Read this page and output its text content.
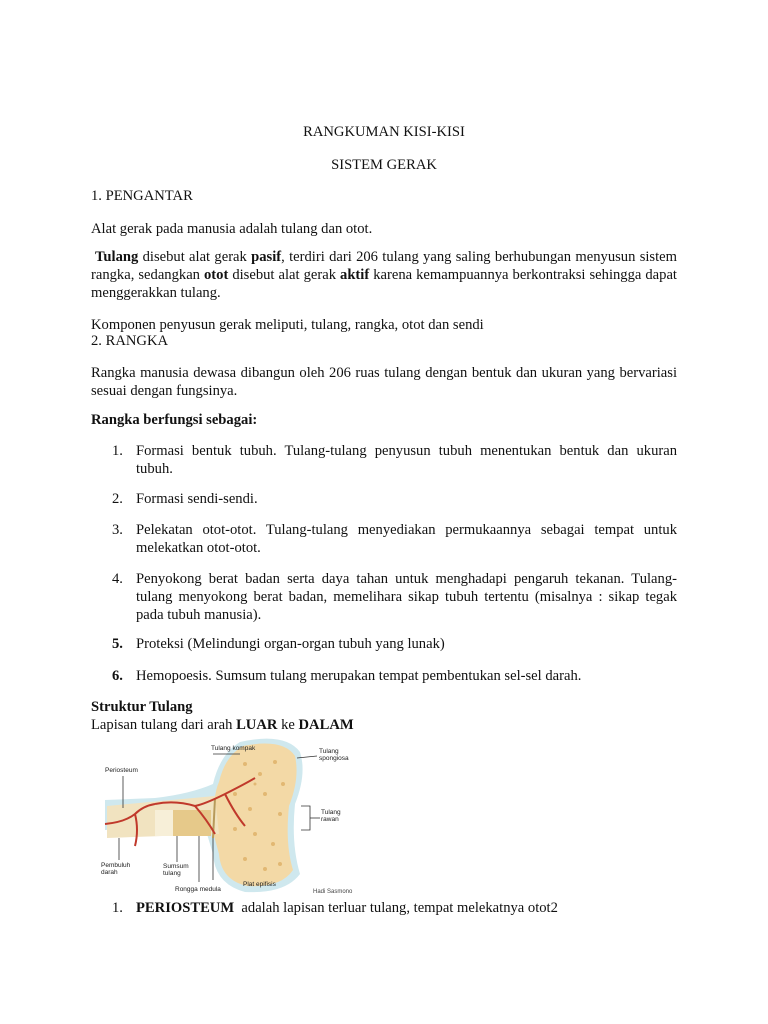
RANGKUMAN KISI-KISI
SISTEM GERAK
1. PENGANTAR
Alat gerak pada manusia adalah tulang dan otot.
Tulang disebut alat gerak pasif, terdiri dari 206 tulang yang saling berhubungan menyusun sistem rangka, sedangkan otot disebut alat gerak aktif karena kemampuannya berkontraksi sehingga dapat menggerakkan tulang.
Komponen penyusun gerak meliputi, tulang, rangka, otot dan sendi
2. RANGKA
Rangka manusia dewasa dibangun oleh 206 ruas tulang dengan bentuk dan ukuran yang bervariasi sesuai dengan fungsinya.
Rangka berfungsi sebagai:
1. Formasi bentuk tubuh. Tulang-tulang penyusun tubuh menentukan bentuk dan ukuran tubuh.
2. Formasi sendi-sendi.
3. Pelekatan otot-otot. Tulang-tulang menyediakan permukaannya sebagai tempat untuk melekatkan otot-otot.
4. Penyokong berat badan serta daya tahan untuk menghadapi pengaruh tekanan. Tulang-tulang menyokong berat badan, memelihara sikap tubuh tertentu (misalnya : sikap tegak pada tubuh manusia).
5. Proteksi (Melindungi organ-organ tubuh yang lunak)
6. Hemopoesis. Sumsum tulang merupakan tempat pembentukan sel-sel darah.
Struktur Tulang
Lapisan tulang dari arah LUAR ke DALAM
Tulang kompak	Tulang
spongiosa
Periosteum
Tulang
rawan
Pembuluh
darah
Sumsum
tulang
Rongga medula
Plat epifisis
Hadi Sasmono
1. PERIOSTEUM  adalah lapisan terluar tulang, tempat melekatnya otot2
